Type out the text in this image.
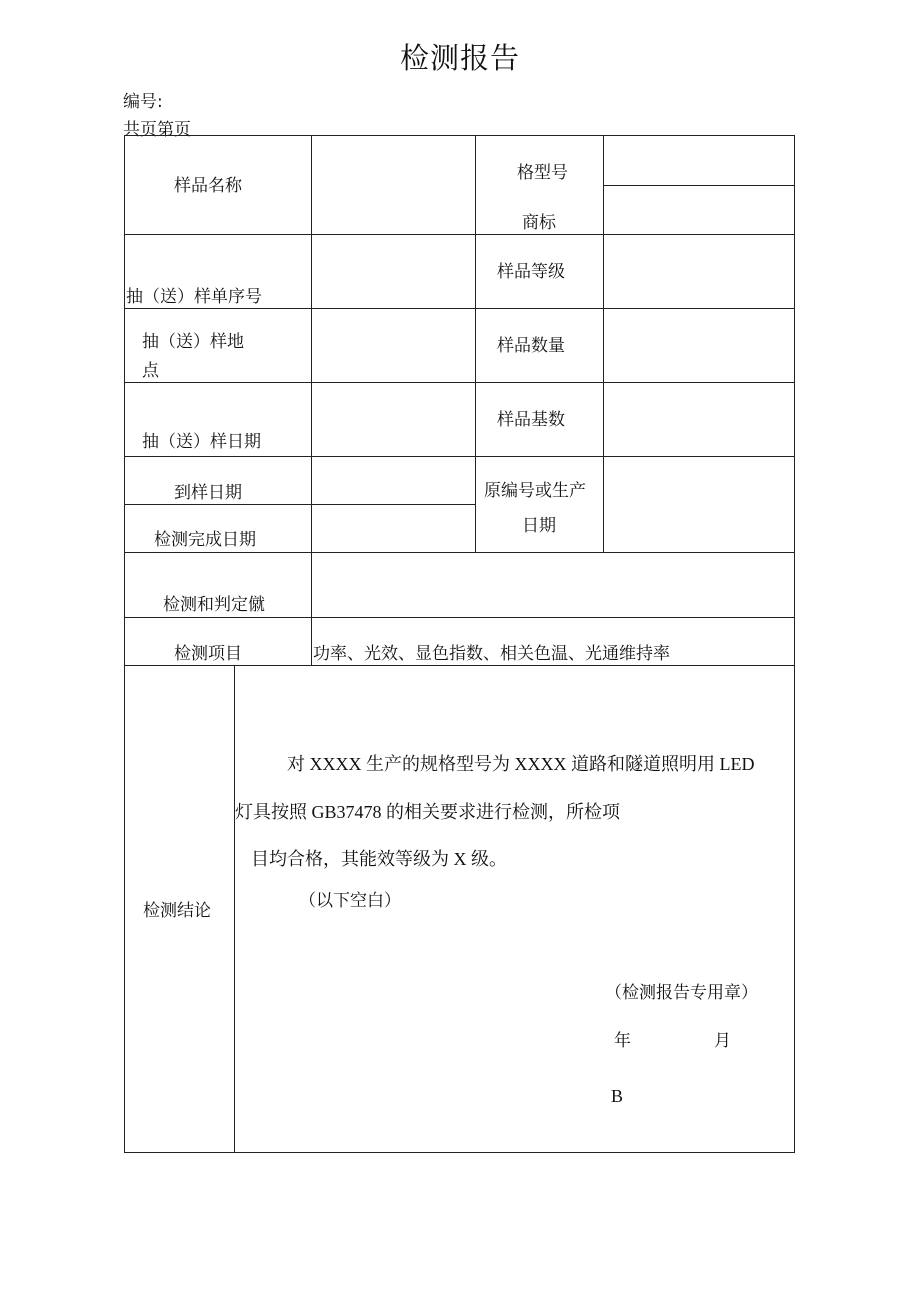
检测报告
编号:
共页第页
样品名称
格型号
商标
抽（送）样单序号
样品等级
抽（送）样地
点
样品数量
抽（送）样日期
样品基数
到样日期
检测完成日期
原编号或生产
日期
检测和判定僦
检测项目	功率、光效、显色指数、相关色温、光通维持率
检测结论
对 XXXX 生产的规格型号为 XXXX 道路和隧道照明用 LED
灯具按照 GB37478 的相关要求进行检测，所检项
目均合格，其能效等级为 X 级。
（以下空白）
（检测报告专用章）
年	月
B
